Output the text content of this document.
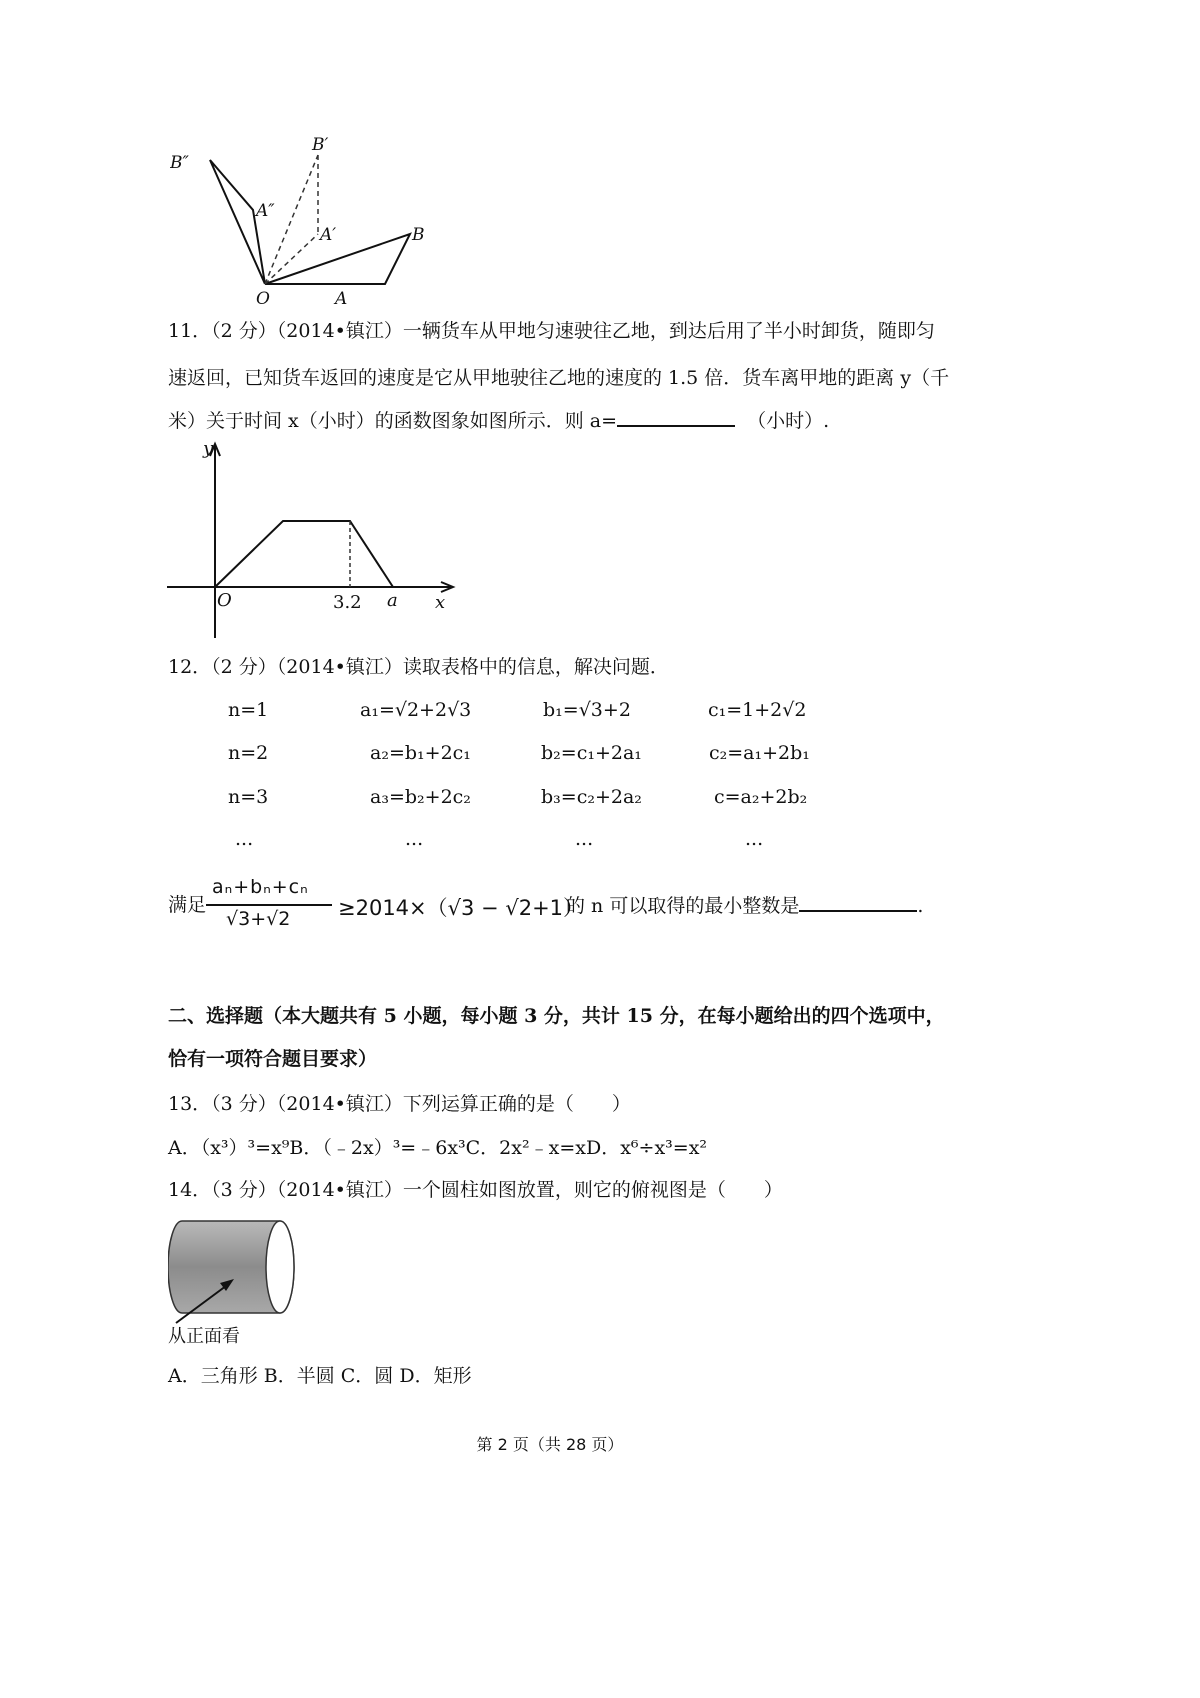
B″
B′
A″
A′	B
O	A
11．（2 分）（2014•镇江）一辆货车从甲地匀速驶往乙地，到达后用了半小时卸货，随即匀
速返回，已知货车返回的速度是它从甲地驶往乙地的速度的 1.5 倍．货车离甲地的距离 y（千
米）关于时间 x（小时）的函数图象如图所示．则 a=	（小时）.
y
x
O	3.2 a
12．（2 分）（2014•镇江）读取表格中的信息，解决问题．
n=1	a₁=√2+2√3	b₁=√3+2	c₁=1+2√2
n=2	a₂=b₁+2c₁	b₂=c₁+2a₁	c₂=a₁+2b₁
n=3	a₃=b₂+2c₂	b₃=c₂+2a₂	c=a₂+2b₂
...	...	...	...
满足
aₙ+bₙ+cₙ
√3+√2 ≥2014×（√3 − √2+1）
的 n 可以取得的最小整数是	.
二、选择题（本大题共有 5 小题，每小题 3 分，共计 15 分，在每小题给出的四个选项中，
恰有一项符合题目要求）
13．（3 分）（2014•镇江）下列运算正确的是（　　）
A．（x³）³=x⁹B．（﹣2x）³=﹣6x³C．2x²﹣x=xD．x⁶÷x³=x²
14．（3 分）（2014•镇江）一个圆柱如图放置，则它的俯视图是（　　）
从正面看
A．三角形 B．半圆 C．圆 D．矩形
第 2 页（共 28 页）
